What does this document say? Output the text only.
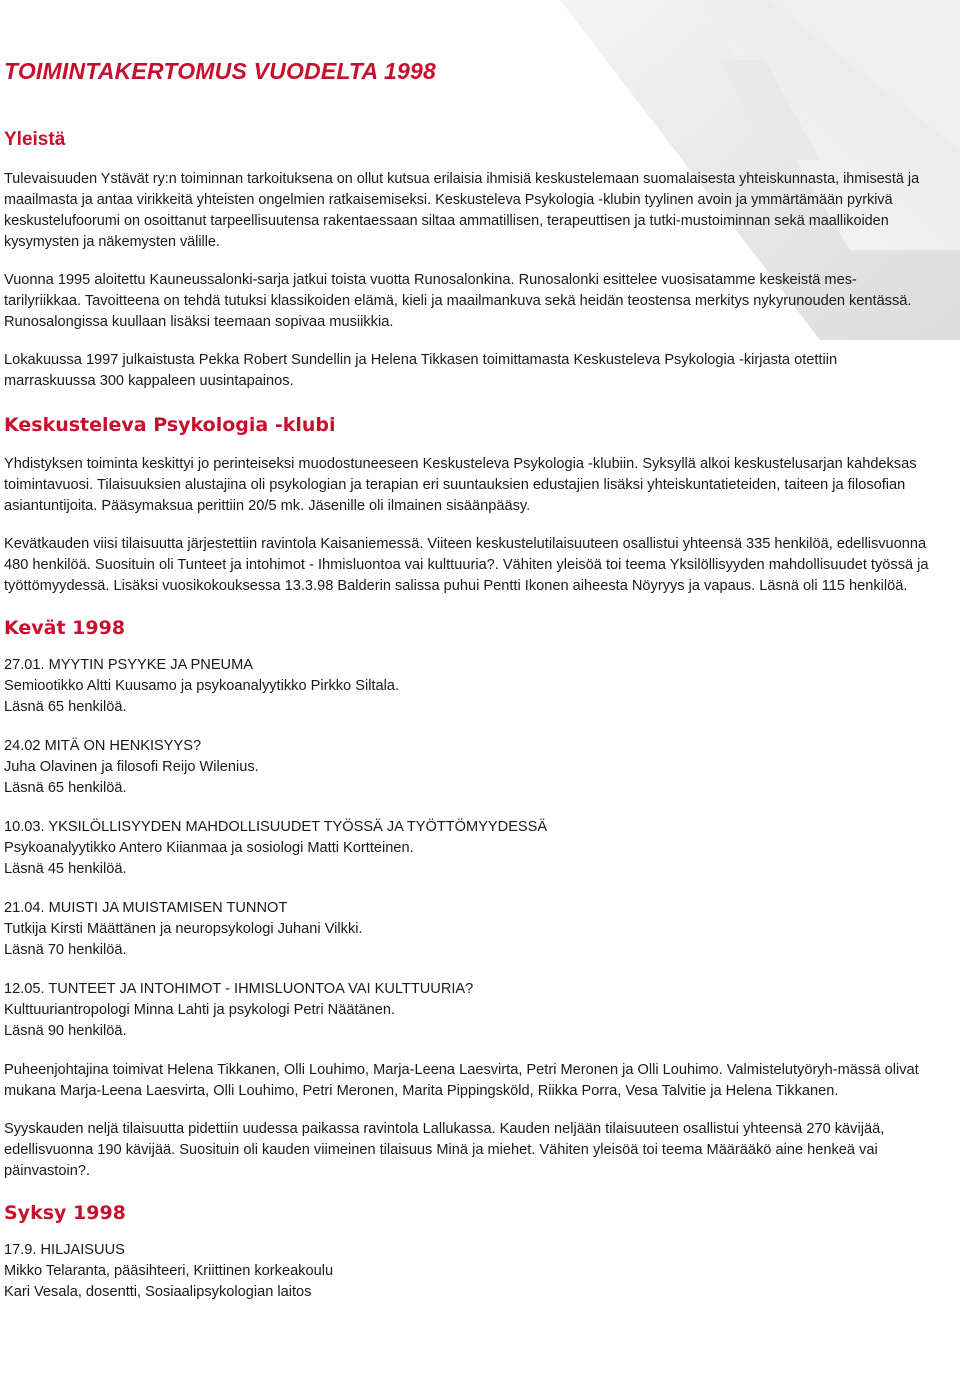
TOIMINTAKERTOMUS VUODELTA 1998
Yleistä

Tulevaisuuden Ystävät ry:n toiminnan tarkoituksena on ollut kutsua erilaisia ihmisiä keskustelemaan suomalaisesta yhteiskunnasta, ihmisestä ja maailmasta ja antaa virikkeitä yhteisten ongelmien ratkaisemiseksi. Keskusteleva Psykologia -klubin tyylinen avoin ja ymmärtämään pyrkivä keskustelufoorumi on osoittanut tarpeellisuutensa rakentaessaan siltaa ammatillisen, terapeuttisen ja tutki-mustoiminnan sekä maallikoiden kysymysten ja näkemysten välille.

Vuonna 1995 aloitettu Kauneussalonki-sarja jatkui toista vuotta Runosalonkina. Runosalonki esittelee vuosisatamme keskeistä mes-tarilyriikkaa. Tavoitteena on tehdä tutuksi klassikoiden elämä, kieli ja maailmankuva sekä heidän teostensa merkitys nykyrunouden kentässä. Runosalongissa kuullaan lisäksi teemaan sopivaa musiikkia.

Lokakuussa 1997 julkaistusta Pekka Robert Sundellin ja Helena Tikkasen toimittamasta Keskusteleva Psykologia -kirjasta otettiin marraskuussa 300 kappaleen uusintapainos.

Keskusteleva Psykologia -klubi

Yhdistyksen toiminta keskittyi jo perinteiseksi muodostuneeseen Keskusteleva Psykologia -klubiin. Syksyllä alkoi keskustelusarjan kahdeksas toimintavuosi. Tilaisuuksien alustajina oli psykologian ja terapian eri suuntauksien edustajien lisäksi yhteiskuntatieteiden, taiteen ja filosofian asiantuntijoita. Pääsymaksua perittiin 20/5 mk. Jäsenille oli ilmainen sisäänpääsy.

Kevätkauden viisi tilaisuutta järjestettiin ravintola Kaisaniemessä. Viiteen keskustelutilaisuuteen osallistui yhteensä 335 henkilöä, edellisvuonna 480 henkilöä. Suosituin oli Tunteet ja intohimot - Ihmisluontoa vai kulttuuria?. Vähiten yleisöä toi teema Yksilöllisyyden mahdollisuudet työssä ja työttömyydessä. Lisäksi vuosikokouksessa 13.3.98 Balderin salissa puhui Pentti Ikonen aiheesta Nöyryys ja vapaus. Läsnä oli 115 henkilöä.

Kevät 1998
27.01. MYYTIN PSYYKE JA PNEUMA
Semiootikko Altti Kuusamo ja psykoanalyytikko Pirkko Siltala.
Läsnä 65 henkilöä.
24.02 MITÄ ON HENKISYYS?
Juha Olavinen ja filosofi Reijo Wilenius.
Läsnä 65 henkilöä.
10.03. YKSILÖLLISYYDEN MAHDOLLISUUDET TYÖSSÄ JA TYÖTTÖMYYDESSÄ
Psykoanalyytikko Antero Kiianmaa ja sosiologi Matti Kortteinen.
Läsnä 45 henkilöä.
21.04. MUISTI JA MUISTAMISEN TUNNOT
Tutkija Kirsti Määttänen ja neuropsykologi Juhani Vilkki.
Läsnä 70 henkilöä.
12.05. TUNTEET JA INTOHIMOT - IHMISLUONTOA VAI KULTTUURIA?
Kulttuuriantropologi Minna Lahti ja psykologi Petri Näätänen.
Läsnä 90 henkilöä.

Puheenjohtajina toimivat Helena Tikkanen, Olli Louhimo, Marja-Leena Laesvirta, Petri Meronen ja Olli Louhimo. Valmistelutyöryh-mässä olivat mukana Marja-Leena Laesvirta, Olli Louhimo, Petri Meronen, Marita Pippingsköld, Riikka Porra, Vesa Talvitie ja Helena Tikkanen.

Syyskauden neljä tilaisuutta pidettiin uudessa paikassa ravintola Lallukassa. Kauden neljään tilaisuuteen osallistui yhteensä 270 kävijää, edellisvuonna 190 kävijää. Suosituin oli kauden viimeinen tilaisuus Minä ja miehet. Vähiten yleisöä toi teema Määrääkö aine henkeä vai päinvastoin?.

Syksy 1998
17.9. HILJAISUUS
Mikko Telaranta, pääsihteeri, Kriittinen korkeakoulu
Kari Vesala, dosentti, Sosiaalipsykologian laitos
